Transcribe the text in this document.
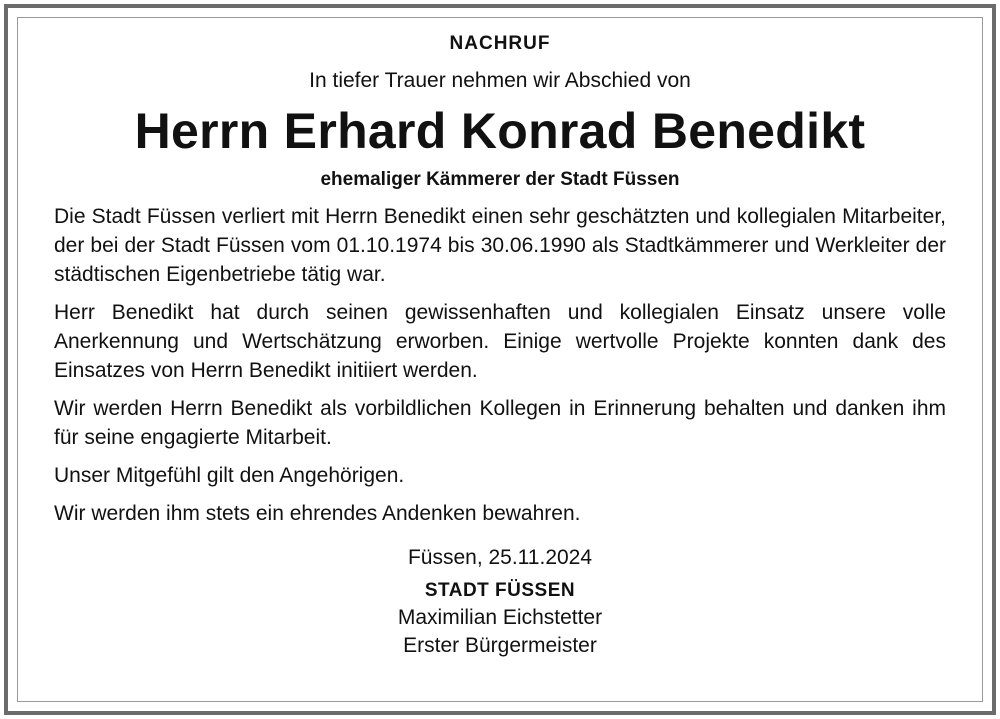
NACHRUF

In tiefer Trauer nehmen wir Abschied von

Herrn Erhard Konrad Benedikt

ehemaliger Kämmerer der Stadt Füssen

Die Stadt Füssen verliert mit Herrn Benedikt einen sehr geschätzten und kollegialen Mitarbeiter, der bei der Stadt Füssen vom 01.10.1974 bis 30.06.1990 als Stadtkämmerer und Werkleiter der städtischen Eigenbetriebe tätig war.

Herr Benedikt hat durch seinen gewissenhaften und kollegialen Einsatz unsere volle Anerkennung und Wertschätzung erworben. Einige wertvolle Projekte konnten dank des Einsatzes von Herrn Benedikt initiiert werden.

Wir werden Herrn Benedikt als vorbildlichen Kollegen in Erinnerung behalten und danken ihm für seine engagierte Mitarbeit.

Unser Mitgefühl gilt den Angehörigen.

Wir werden ihm stets ein ehrendes Andenken bewahren.

Füssen, 25.11.2024

STADT FÜSSEN

Maximilian Eichstetter

Erster Bürgermeister
